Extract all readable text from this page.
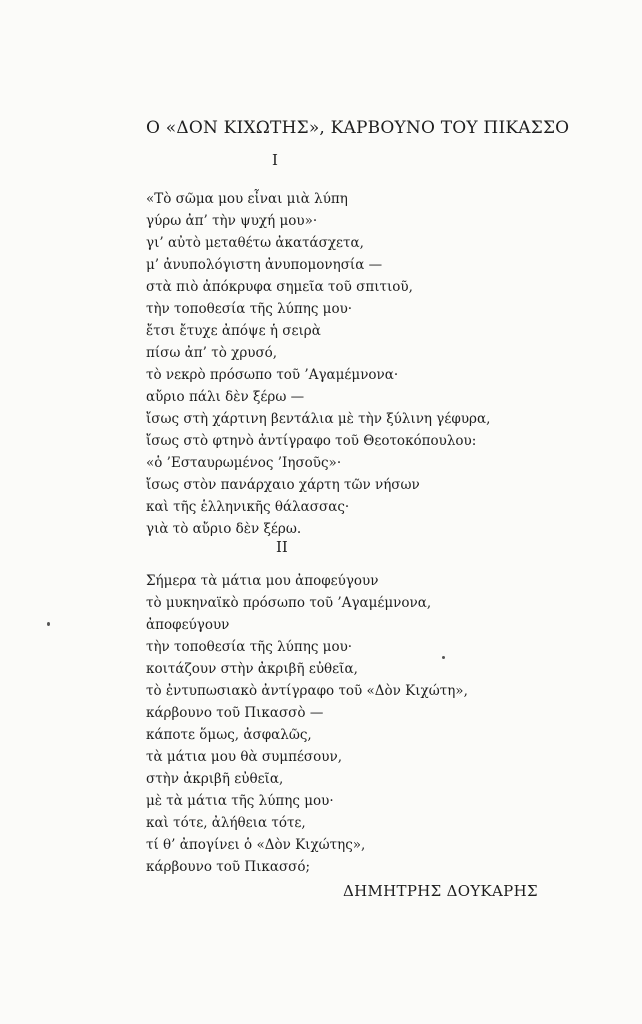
Ο «ΔΟΝ ΚΙΧΩΤΗΣ», ΚΑΡΒΟΥΝΟ ΤΟΥ ΠΙΚΑΣΣΟ
I
«Τὸ σῶμα μου εἶναι μιὰ λύπη
γύρω ἀπ’ τὴν ψυχή μου»·
γι’ αὐτὸ μεταθέτω ἀκατάσχετα,
μ’ ἀνυπολόγιστη ἀνυπομονησία —
στὰ πιὸ ἀπόκρυφα σημεῖα τοῦ σπιτιοῦ,
τὴν τοποθεσία τῆς λύπης μου·
ἔτσι ἔτυχε ἀπόψε ἡ σειρὰ
πίσω ἀπ’ τὸ χρυσό,
τὸ νεκρὸ πρόσωπο τοῦ ’Αγαμέμνονα·
αὔριο πάλι δὲν ξέρω —
ἴσως στὴ χάρτινη βεντάλια μὲ τὴν ξύλινη γέφυρα,
ἴσως στὸ φτηνὸ ἀντίγραφο τοῦ Θεοτοκόπουλου:
«ὁ ’Εσταυρωμένος ’Ιησοῦς»·
ἴσως στὸν πανάρχαιο χάρτη τῶν νήσων
καὶ τῆς ἑλληνικῆς θάλασσας·
γιὰ τὸ αὔριο δὲν ξέρω.
II
Σήμερα τὰ μάτια μου ἀποφεύγουν
τὸ μυκηναϊκὸ πρόσωπο τοῦ ’Αγαμέμνονα,
ἀποφεύγουν
τὴν τοποθεσία τῆς λύπης μου·
κοιτάζουν στὴν ἀκριβῆ εὐθεῖα,
τὸ ἐντυπωσιακὸ ἀντίγραφο τοῦ «Δὸν Κιχώτη»,
κάρβουνο τοῦ Πικασσὸ —
κάποτε ὅμως, ἀσφαλῶς,
τὰ μάτια μου θὰ συμπέσουν,
στὴν ἀκριβῆ εὐθεῖα,
μὲ τὰ μάτια τῆς λύπης μου·
καὶ τότε, ἀλήθεια τότε,
τί θ’ ἀπογίνει ὁ «Δὸν Κιχώτης»,
κάρβουνο τοῦ Πικασσό;
ΔΗΜΗΤΡΗΣ ΔΟΥΚΑΡΗΣ
